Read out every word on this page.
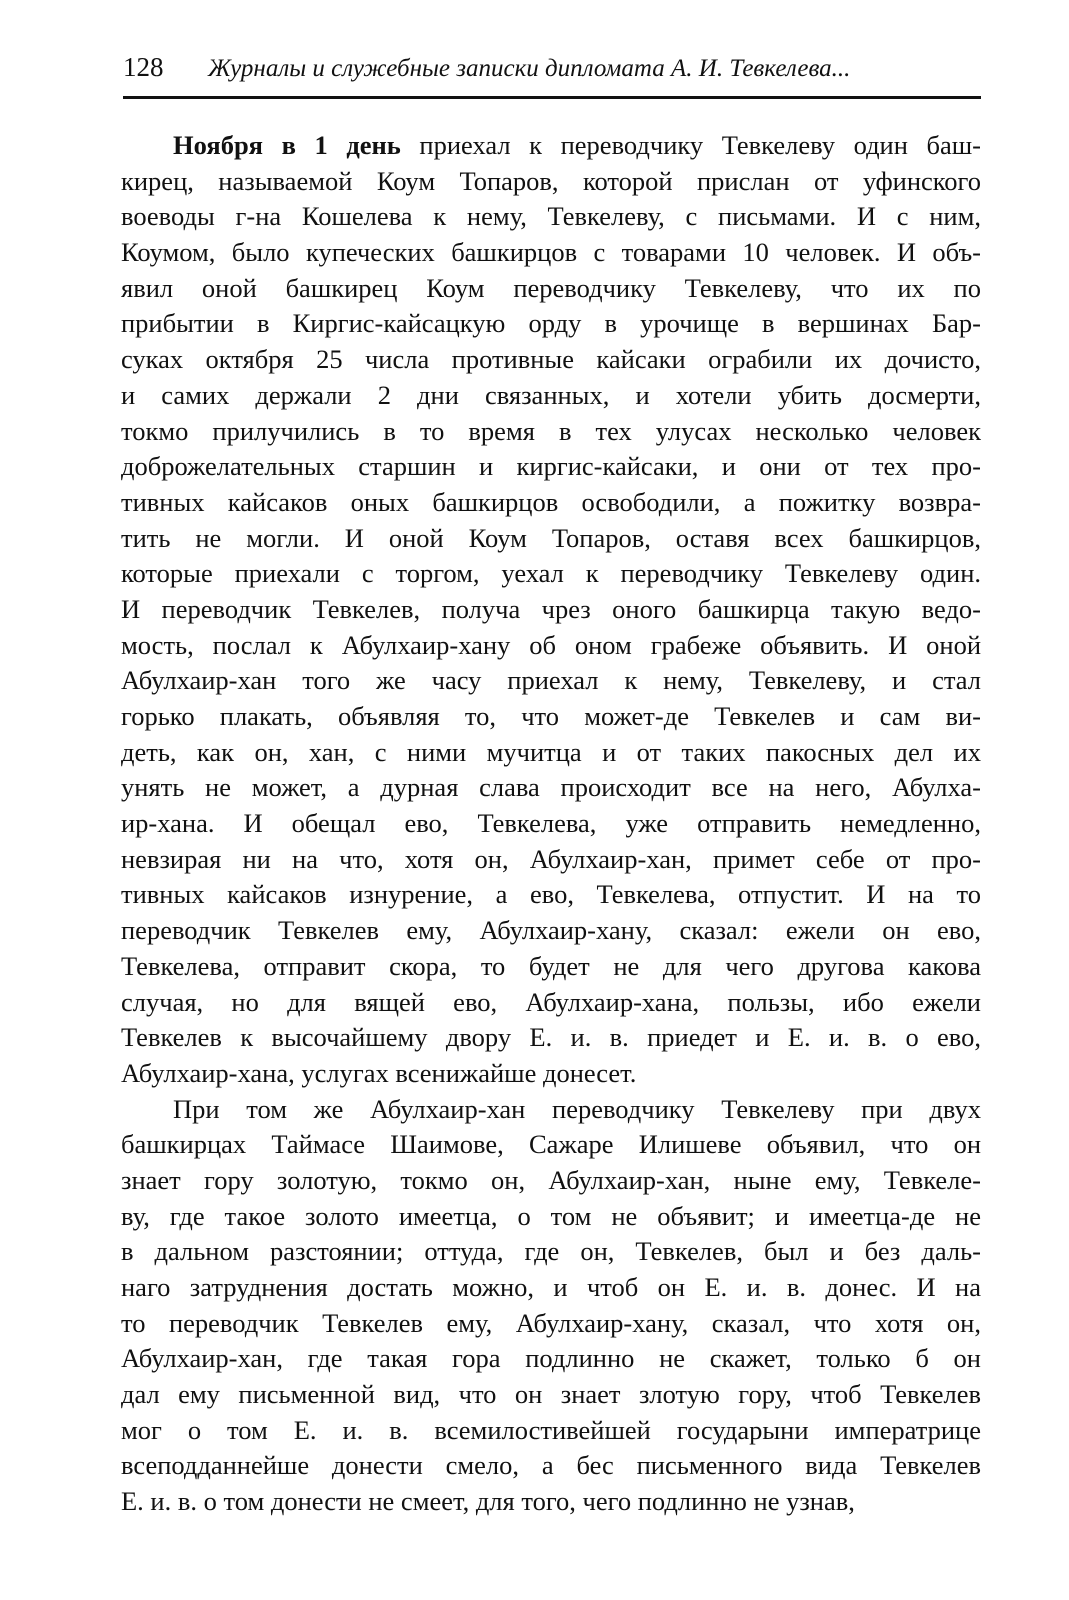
128 Журналы и служебные записки дипломата А. И. Тевкелева...
Ноября в 1 день приехал к переводчику Тевкелеву один баш-
кирец, называемой Коум Топаров, которой прислан от уфинского
воеводы г-на Кошелева к нему, Тевкелеву, с письмами. И с ним,
Коумом, было купеческих башкирцов с товарами 10 человек. И объ-
явил оной башкирец Коум переводчику Тевкелеву, что их по
прибытии в Киргис-кайсацкую орду в урочище в вершинах Бар-
суках октября 25 числа противные кайсаки ограбили их дочисто,
и самих держали 2 дни связанных, и хотели убить досмерти,
токмо прилучились в то время в тех улусах несколько человек
доброжелательных старшин и киргис-кайсаки, и они от тех про-
тивных кайсаков оных башкирцов освободили, а пожитку возвра-
тить не могли. И оной Коум Топаров, оставя всех башкирцов,
которые приехали с торгом, уехал к переводчику Тевкелеву один.
И переводчик Тевкелев, получа чрез оного башкирца такую ведо-
мость, послал к Абулхаир-хану об оном грабеже объявить. И оной
Абулхаир-хан того же часу приехал к нему, Тевкелеву, и стал
горько плакать, объявляя то, что может-де Тевкелев и сам ви-
деть, как он, хан, с ними мучитца и от таких пакосных дел их
унять не может, а дурная слава происходит все на него, Абулха-
ир-хана. И обещал ево, Тевкелева, уже отправить немедленно,
невзирая ни на что, хотя он, Абулхаир-хан, примет себе от про-
тивных кайсаков изнурение, а ево, Тевкелева, отпустит. И на то
переводчик Тевкелев ему, Абулхаир-хану, сказал: ежели он ево,
Тевкелева, отправит скора, то будет не для чего другова какова
случая, но для вящей ево, Абулхаир-хана, пользы, ибо ежели
Тевкелев к высочайшему двору Е. и. в. приедет и Е. и. в. о ево,
Абулхаир-хана, услугах всенижайше донесет.
При том же Абулхаир-хан переводчику Тевкелеву при двух
башкирцах Таймасе Шаимове, Сажаре Илишеве объявил, что он
знает гору золотую, токмо он, Абулхаир-хан, ныне ему, Тевкеле-
ву, где такое золото имеетца, о том не объявит; и имеетца-де не
в дальном разстоянии; оттуда, где он, Тевкелев, был и без даль-
наго затруднения достать можно, и чтоб он Е. и. в. донес. И на
то переводчик Тевкелев ему, Абулхаир-хану, сказал, что хотя он,
Абулхаир-хан, где такая гора подлинно не скажет, только б он
дал ему письменной вид, что он знает злотую гору, чтоб Тевкелев
мог о том Е. и. в. всемилостивейшей государыни императрице
всеподданнейше донести смело, а бес письменного вида Тевкелев
Е. и. в. о том донести не смеет, для того, чего подлинно не узнав,
